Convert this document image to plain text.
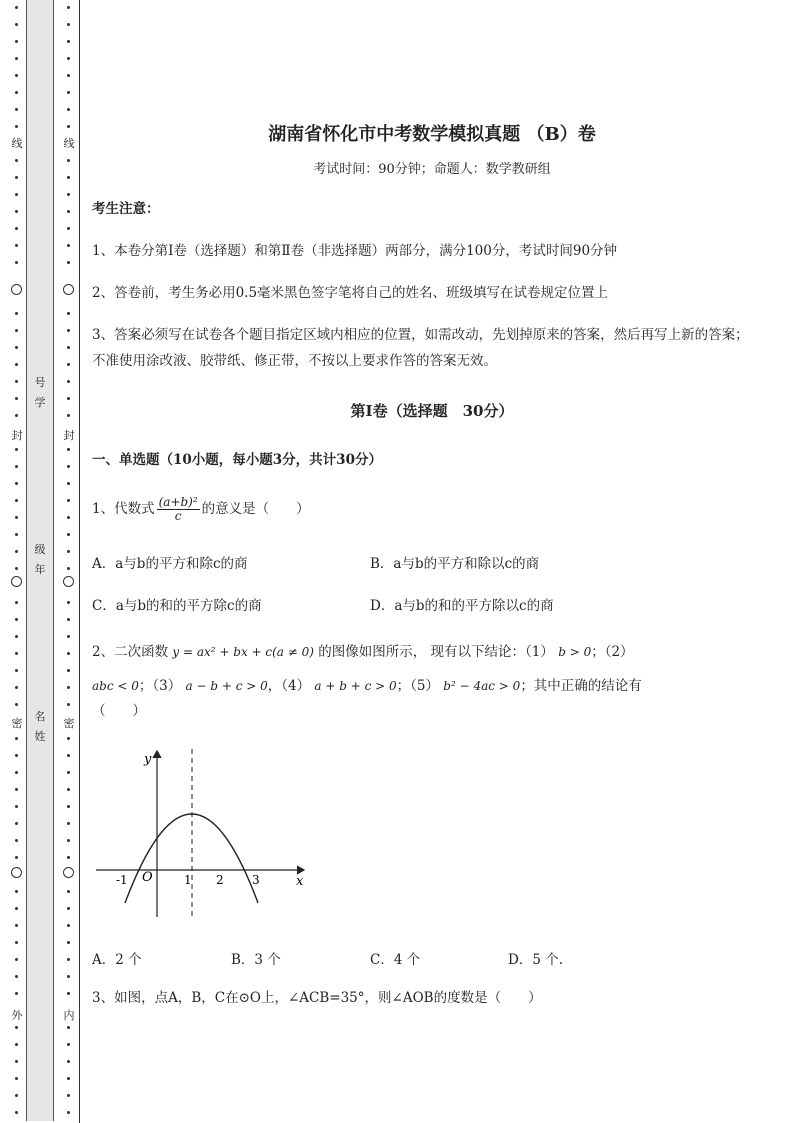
线
封
密
外
号
学
级
年
名
姓
线
封
密
内
湖南省怀化市中考数学模拟真题 （B）卷
考试时间：90分钟；命题人：数学教研组
考生注意：
1、本卷分第I卷（选择题）和第Ⅱ卷（非选择题）两部分，满分100分，考试时间90分钟
2、答卷前，考生务必用0.5毫米黑色签字笔将自己的姓名、班级填写在试卷规定位置上
3、答案必须写在试卷各个题目指定区域内相应的位置，如需改动，先划掉原来的答案，然后再写上新的答案；不准使用涂改液、胶带纸、修正带，不按以上要求作答的答案无效。
第I卷（选择题　30分）
一、单选题（10小题，每小题3分，共计30分）
1、代数式 $\frac{\text{(a+b)²}}{c}$ 的意义是（　　）
A．a与b的平方和除c的商	B．a与b的平方和除以c的商
C．a与b的和的平方除c的商	D．a与b的和的平方除以c的商
2、二次函数 y = ax² + bx + c(a ≠ 0) 的图像如图所示， 现有以下结论：（1） b > 0；（2）
abc < 0；（3） a − b + c > 0，（4） a + b + c > 0；（5） b² − 4ac > 0；其中正确的结论有
（　　）
y
x
O
-1	1 2 3
A．2 个	B．3 个	C．4 个	D．5 个.
3、如图，点A，B，C在⊙O上，∠ACB=35°，则∠AOB的度数是（　　）
